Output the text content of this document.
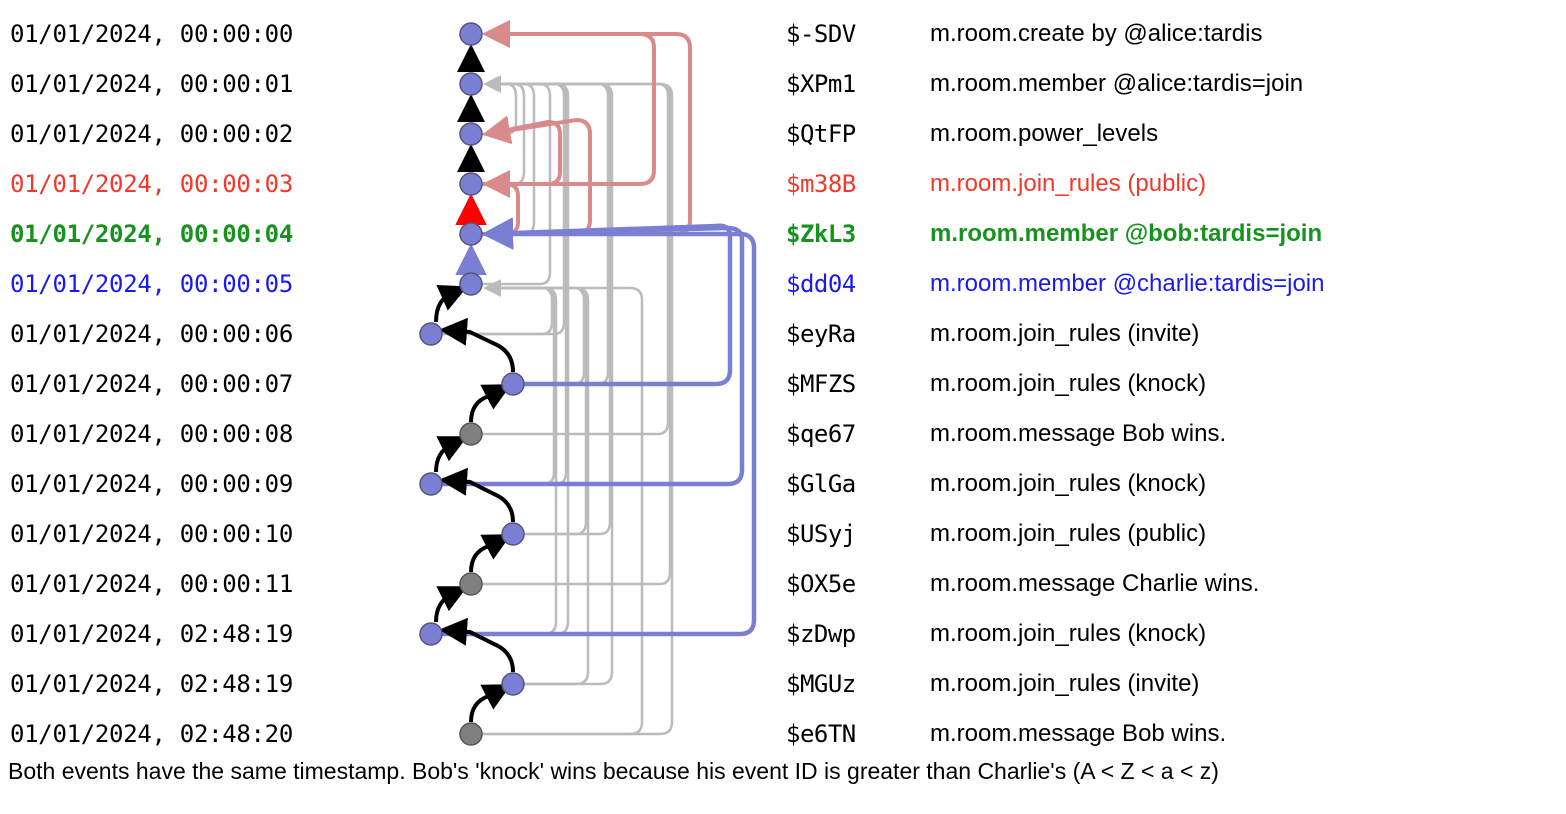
01/01/2024, 00:00:00	$-SDV	m.room.create by @alice:tardis
01/01/2024, 00:00:01	$XPm1	m.room.member @alice:tardis=join
01/01/2024, 00:00:02	$QtFP	m.room.power_levels
01/01/2024, 00:00:03	$m38B	m.room.join_rules (public)
01/01/2024, 00:00:04	$ZkL3	m.room.member @bob:tardis=join
01/01/2024, 00:00:05	$dd04	m.room.member @charlie:tardis=join
01/01/2024, 00:00:06	$eyRa	m.room.join_rules (invite)
01/01/2024, 00:00:07	$MFZS	m.room.join_rules (knock)
01/01/2024, 00:00:08	$qe67	m.room.message Bob wins.
01/01/2024, 00:00:09	$GlGa	m.room.join_rules (knock)
01/01/2024, 00:00:10	$USyj	m.room.join_rules (public)
01/01/2024, 00:00:11	$OX5e	m.room.message Charlie wins.
01/01/2024, 02:48:19	$zDwp	m.room.join_rules (knock)
01/01/2024, 02:48:19	$MGUz	m.room.join_rules (invite)
01/01/2024, 02:48:20	$e6TN	m.room.message Bob wins.
Both events have the same timestamp. Bob's 'knock' wins because his event ID is greater than Charlie's (A < Z < a < z)
